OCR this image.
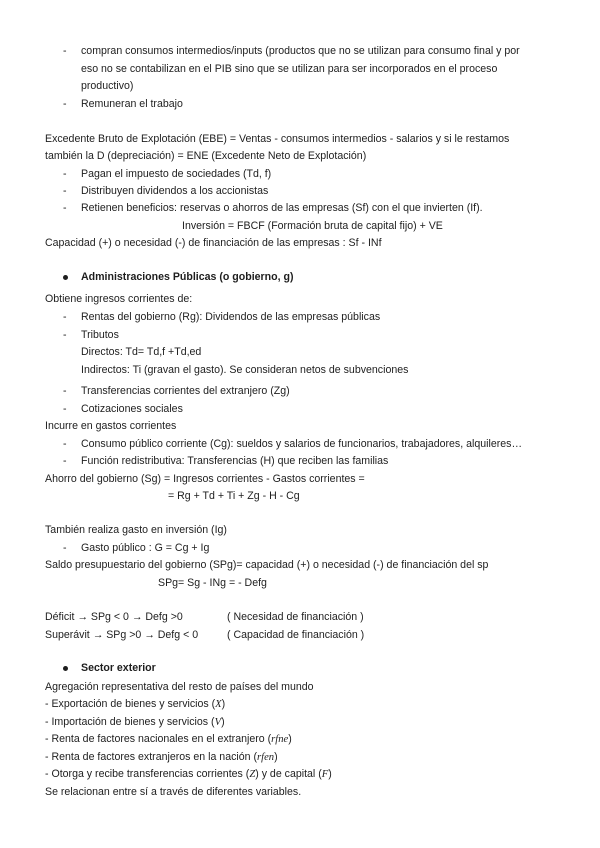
- compran consumos intermedios/inputs (productos que no se utilizan para consumo final y por
eso no se contabilizan en el PIB sino que se utilizan para ser incorporados en el proceso
productivo)
- Remuneran el trabajo
Excedente Bruto de Explotación (EBE) = Ventas - consumos intermedios - salarios y si le restamos
también la D (depreciación) = ENE (Excedente Neto de Explotación)
- Pagan el impuesto de sociedades (Td, f)
- Distribuyen dividendos a los accionistas
- Retienen beneficios: reservas o ahorros de las empresas (Sf) con el que invierten (If).
Inversión = FBCF (Formación bruta de capital fijo) + VE
Capacidad (+) o necesidad (-) de financiación de las empresas : Sf - INf
Administraciones Públicas (o gobierno, g)
Obtiene ingresos corrientes de:
- Rentas del gobierno (Rg): Dividendos de las empresas públicas
- Tributos
Directos: Td= Td,f +Td,ed
Indirectos: Ti (gravan el gasto). Se consideran netos de subvenciones
- Transferencias corrientes del extranjero (Zg)
- Cotizaciones sociales
Incurre en gastos corrientes
- Consumo público corriente (Cg): sueldos y salarios de funcionarios, trabajadores, alquileres…
- Función redistributiva: Transferencias (H) que reciben las familias
Ahorro del gobierno (Sg) = Ingresos corrientes - Gastos corrientes =
= Rg + Td + Ti + Zg - H - Cg
También realiza gasto en inversión (Ig)
- Gasto público : G = Cg + Ig
Saldo presupuestario del gobierno (SPg)= capacidad (+) o necesidad (-) de financiación del sp
SPg= Sg - INg = - Defg
Déficit → SPg < 0 → Defg >0	( Necesidad de financiación )
Superávit → SPg >0 → Defg < 0	( Capacidad de financiación )
Sector exterior
Agregación representativa del resto de países del mundo
- Exportación de bienes y servicios (X)
- Importación de bienes y servicios (V)
- Renta de factores nacionales en el extranjero (rfne)
- Renta de factores extranjeros en la nación (rfen)
- Otorga y recibe transferencias corrientes (Z) y de capital (F)
Se relacionan entre sí a través de diferentes variables.
